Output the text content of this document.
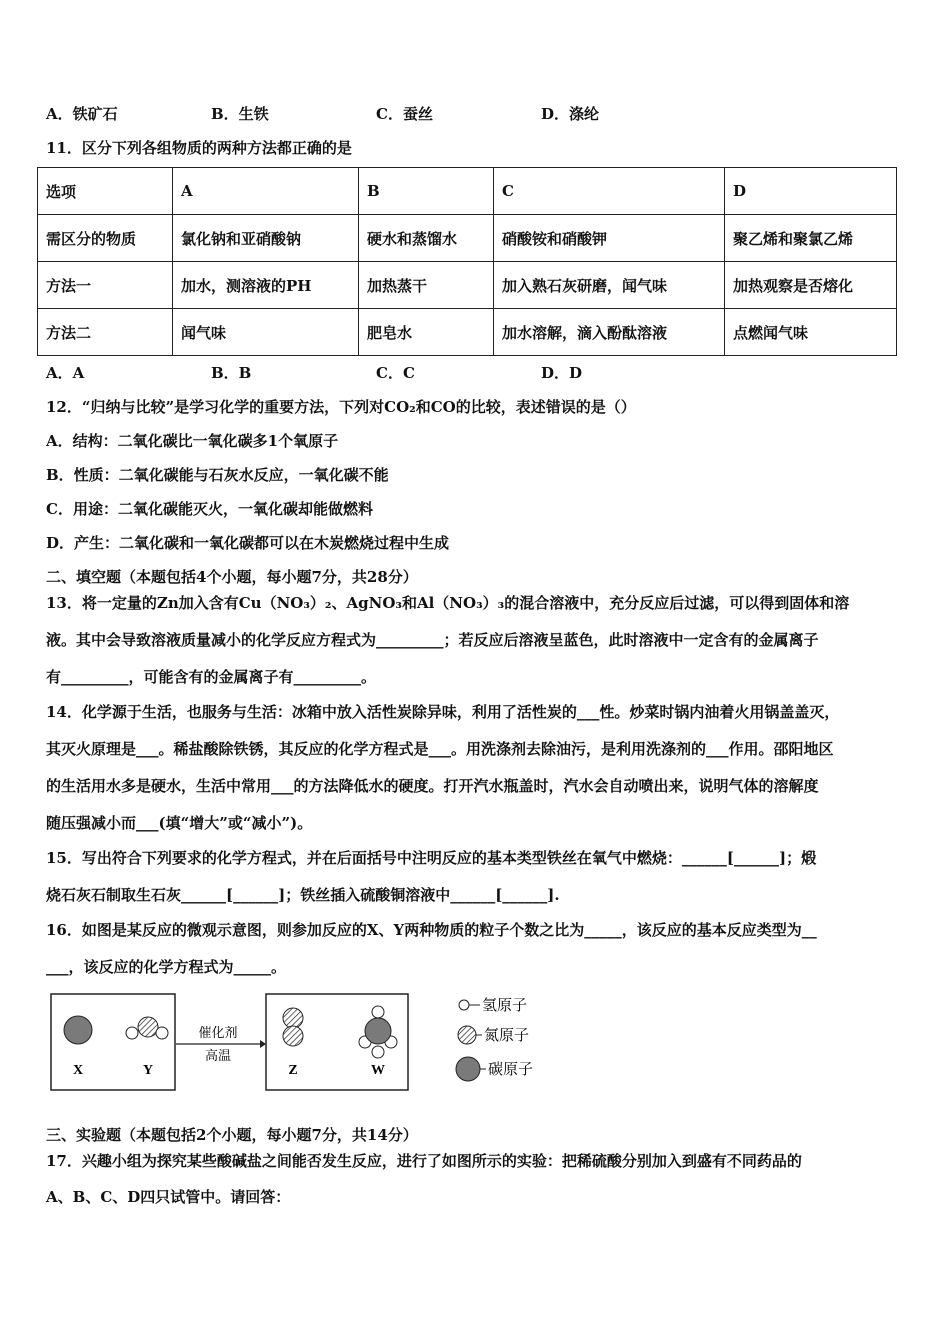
A．铁矿石	B．生铁	C．蚕丝	D．涤纶
11．区分下列各组物质的两种方法都正确的是
选项	A	B	C	D
需区分的物质	氯化钠和亚硝酸钠	硬水和蒸馏水	硝酸铵和硝酸钾	聚乙烯和聚氯乙烯
方法一	加水，测溶液的PH	加热蒸干	加入熟石灰研磨，闻气味	加热观察是否熔化
方法二	闻气味	肥皂水	加水溶解，滴入酚酞溶液	点燃闻气味
A．A	B．B	C．C	D．D
12．“归纳与比较”是学习化学的重要方法，下列对CO₂和CO的比较，表述错误的是（）
A．结构：二氧化碳比一氧化碳多1个氧原子
B．性质：二氧化碳能与石灰水反应，一氧化碳不能
C．用途：二氧化碳能灭火，一氧化碳却能做燃料
D．产生：二氧化碳和一氧化碳都可以在木炭燃烧过程中生成
二、填空题（本题包括4个小题，每小题7分，共28分）
13．将一定量的Zn加入含有Cu（NO₃）₂、AgNO₃和Al（NO₃）₃的混合溶液中，充分反应后过滤，可以得到固体和溶
液。其中会导致溶液质量减小的化学反应方程式为_________；若反应后溶液呈蓝色，此时溶液中一定含有的金属离子
有_________，可能含有的金属离子有_________。
14．化学源于生活，也服务与生活：冰箱中放入活性炭除异味，利用了活性炭的___性。炒菜时锅内油着火用锅盖盖灭，
其灭火原理是___。稀盐酸除铁锈，其反应的化学方程式是___。用洗涤剂去除油污，是利用洗涤剂的___作用。邵阳地区
的生活用水多是硬水，生活中常用___的方法降低水的硬度。打开汽水瓶盖时，汽水会自动喷出来，说明气体的溶解度
随压强减小而___(填“增大”或“减小”)。
15．写出符合下列要求的化学方程式，并在后面括号中注明反应的基本类型铁丝在氧气中燃烧：______[______]；煅
烧石灰石制取生石灰______[______]；铁丝插入硫酸铜溶液中______[______].
16．如图是某反应的微观示意图，则参加反应的X、Y两种物质的粒子个数之比为_____，该反应的基本反应类型为__
___，该反应的化学方程式为_____。
X	Y
催化剂
高温
Z	W
氢原子
氮原子
碳原子
三、实验题（本题包括2个小题，每小题7分，共14分）
17．兴趣小组为探究某些酸碱盐之间能否发生反应，进行了如图所示的实验：把稀硫酸分别加入到盛有不同药品的
A、B、C、D四只试管中。请回答：
